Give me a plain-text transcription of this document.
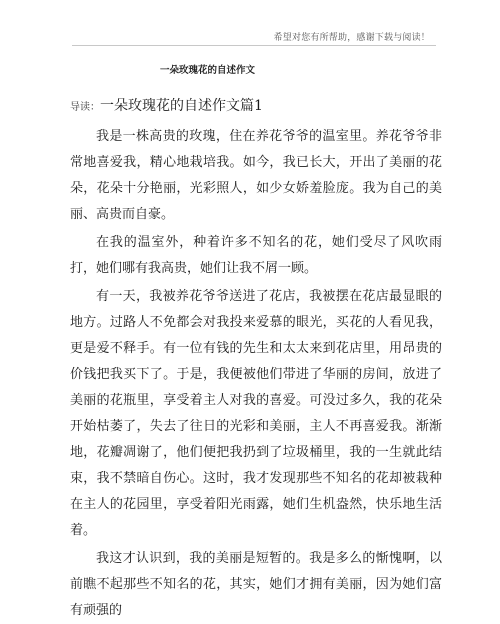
希望对您有所帮助，感谢下载与阅读！
一朵玫瑰花的自述作文

导读：一朵玫瑰花的自述作文篇1

我是一株高贵的玫瑰，住在养花爷爷的温室里。养花爷爷非常地喜爱我，精心地栽培我。如今，我已长大，开出了美丽的花朵，花朵十分艳丽，光彩照人，如少女娇羞脸庞。我为自己的美丽、高贵而自豪。

在我的温室外，种着许多不知名的花，她们受尽了风吹雨打，她们哪有我高贵，她们让我不屑一顾。

有一天，我被养花爷爷送进了花店，我被摆在花店最显眼的地方。过路人不免都会对我投来爱慕的眼光，买花的人看见我，更是爱不释手。有一位有钱的先生和太太来到花店里，用昂贵的价钱把我买下了。于是，我便被他们带进了华丽的房间，放进了美丽的花瓶里，享受着主人对我的喜爱。可没过多久，我的花朵开始枯萎了，失去了往日的光彩和美丽，主人不再喜爱我。渐渐地，花瓣凋谢了，他们便把我扔到了垃圾桶里，我的一生就此结束，我不禁暗自伤心。这时，我才发现那些不知名的花却被栽种在主人的花园里，享受着阳光雨露，她们生机盎然，快乐地生活着。

我这才认识到，我的美丽是短暂的。我是多么的惭愧啊，以前瞧不起那些不知名的花，其实，她们才拥有美丽，因为她们富有顽强的
